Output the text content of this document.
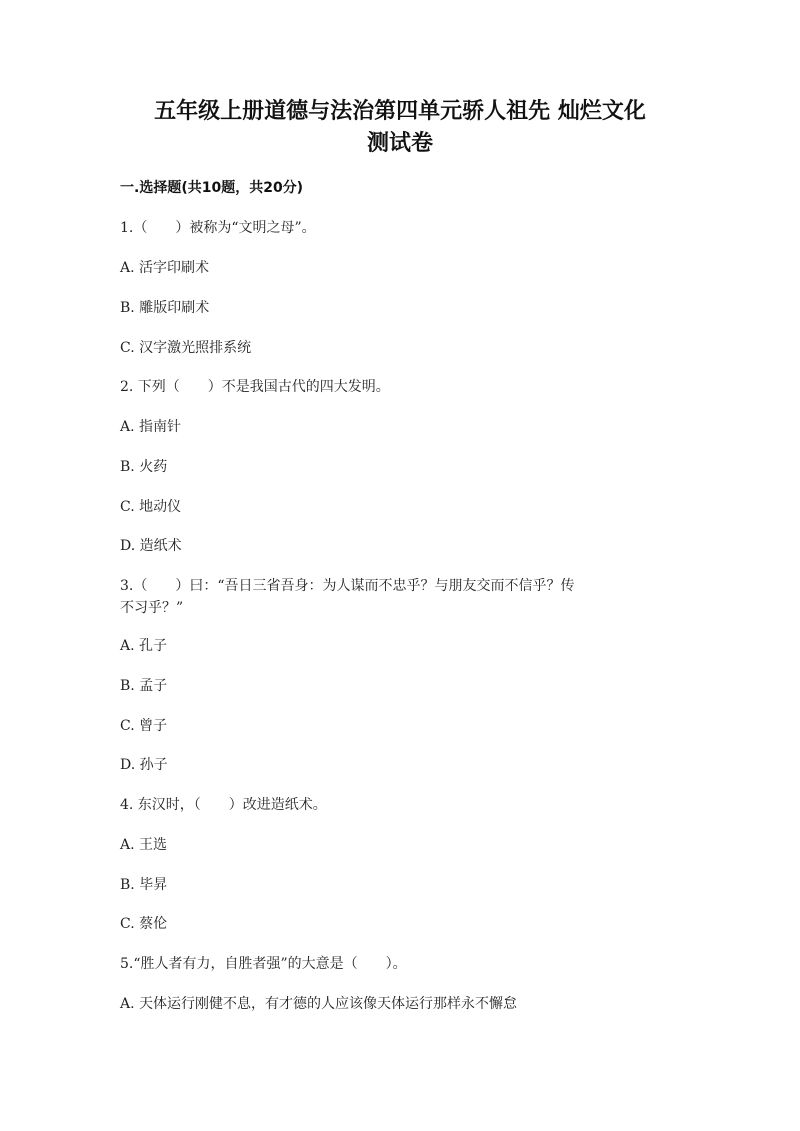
五年级上册道德与法治第四单元骄人祖先 灿烂文化
测试卷

一.选择题(共10题，共20分)

1.（　　）被称为“文明之母”。

A. 活字印刷术

B. 雕版印刷术

C. 汉字激光照排系统

2. 下列（　　）不是我国古代的四大发明。

A. 指南针

B. 火药

C. 地动仪

D. 造纸术

3.（　　）曰：“吾日三省吾身：为人谋而不忠乎？与朋友交而不信乎？传

不习乎？”

A. 孔子

B. 孟子

C. 曾子

D. 孙子

4. 东汉时，（　　）改进造纸术。

A. 王选

B. 毕昇

C. 蔡伦

5.“胜人者有力，自胜者强”的大意是（　　）。

A. 天体运行刚健不息，有才德的人应该像天体运行那样永不懈怠
